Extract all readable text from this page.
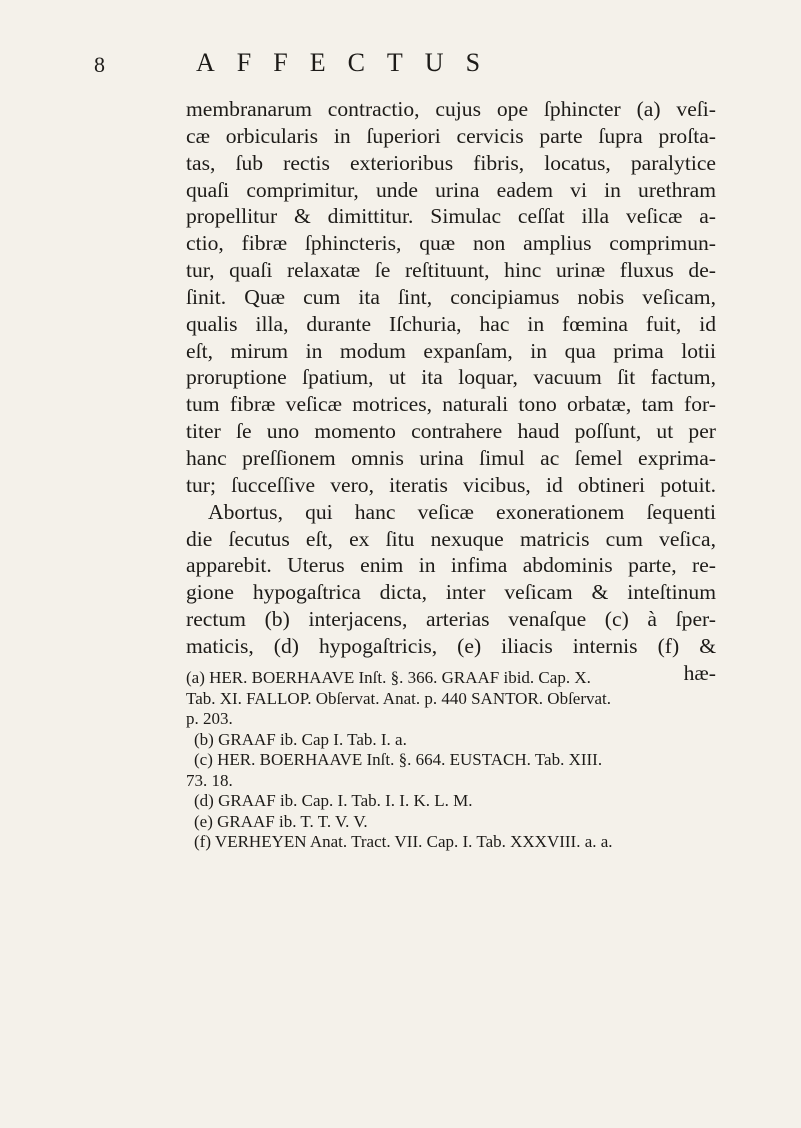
8	AFFECTUS
membranarum contractio, cujus ope ſphincter (a) veſi-
cæ orbicularis in ſuperiori cervicis parte ſupra proſta-
tas, ſub rectis exterioribus fibris, locatus, paralytice
quaſi comprimitur, unde urina eadem vi in urethram
propellitur & dimittitur. Simulac ceſſat illa veſicæ a-
ctio, fibræ ſphincteris, quæ non amplius comprimun-
tur, quaſi relaxatæ ſe reſtituunt, hinc urinæ fluxus de-
ſinit. Quæ cum ita ſint, concipiamus nobis veſicam,
qualis illa, durante Iſchuria, hac in fœmina fuit, id
eſt, mirum in modum expanſam, in qua prima lotii
proruptione ſpatium, ut ita loquar, vacuum ſit factum,
tum fibræ veſicæ motrices, naturali tono orbatæ, tam for-
titer ſe uno momento contrahere haud poſſunt, ut per
hanc preſſionem omnis urina ſimul ac ſemel exprima-
tur; ſucceſſive vero, iteratis vicibus, id obtineri potuit.
Abortus, qui hanc veſicæ exonerationem ſequenti
die ſecutus eſt, ex ſitu nexuque matricis cum veſica,
apparebit. Uterus enim in infima abdominis parte, re-
gione hypogaſtrica dicta, inter veſicam & inteſtinum
rectum (b) interjacens, arterias venaſque (c) à ſper-
maticis, (d) hypogaſtricis, (e) iliacis internis (f) &
hæ-
(a) HER. BOERHAAVE Inſt. §. 366. GRAAF ibid. Cap. X.
Tab. XI. FALLOP. Obſervat. Anat. p. 440 SANTOR. Obſervat.
p. 203.
(b) GRAAF ib. Cap I. Tab. I. a.
(c) HER. BOERHAAVE Inſt. §. 664. EUSTACH. Tab. XIII.
73. 18.
(d) GRAAF ib. Cap. I. Tab. I. I. K. L. M.
(e) GRAAF ib. T. T. V. V.
(f) VERHEYEN Anat. Tract. VII. Cap. I. Tab. XXXVIII. a. a.
